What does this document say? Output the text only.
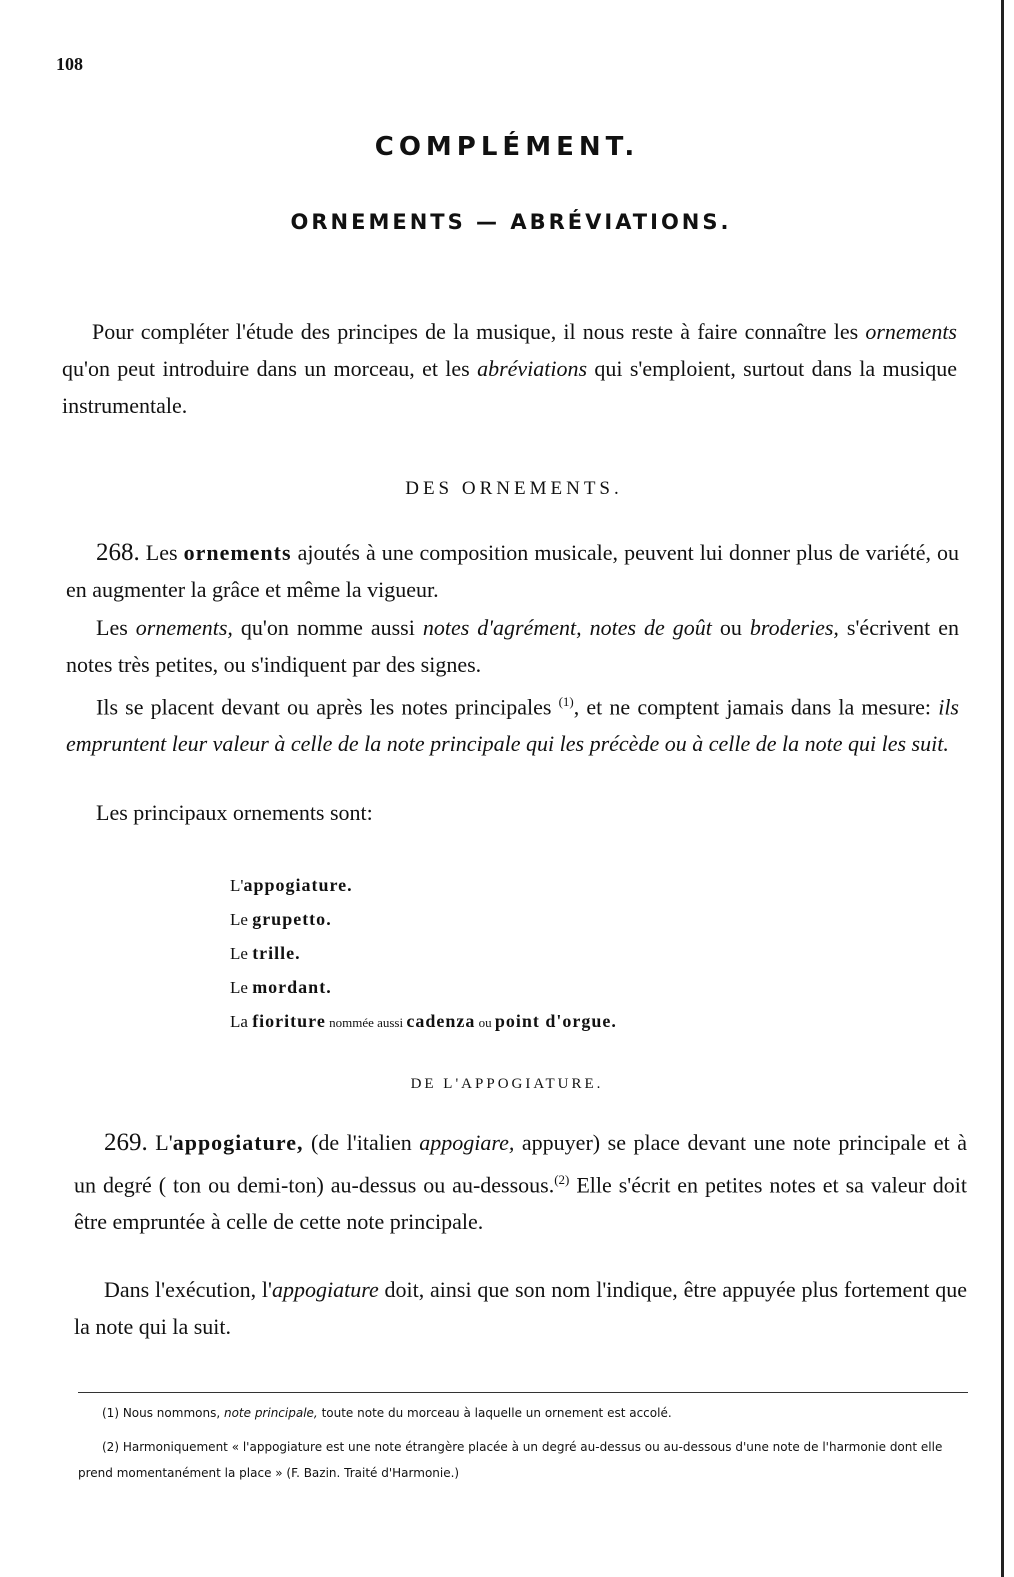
108
COMPLÉMENT.
ORNEMENTS — ABRÉVIATIONS.

Pour compléter l'étude des principes de la musique, il nous reste à faire connaître les ornements qu'on peut introduire dans un morceau, et les abréviations qui s'emploient, surtout dans la musique instrumentale.

DES ORNEMENTS.

268. Les ornements ajoutés à une composition musicale, peuvent lui donner plus de variété, ou en augmenter la grâce et même la vigueur.

Les ornements, qu'on nomme aussi notes d'agrément, notes de goût ou broderies, s'écrivent en notes très petites, ou s'indiquent par des signes.

Ils se placent devant ou après les notes principales $^{(1)}$, et ne comptent jamais dans la mesure: ils empruntent leur valeur à celle de la note principale qui les précède ou à celle de la note qui les suit.

Les principaux ornements sont:

L'appogiature.
Le grupetto.
Le trille.
Le mordant.
La fioriture nommée aussi cadenza ou point d'orgue.
DE L'APPOGIATURE.

269. L'appogiature, (de l'italien appogiare, appuyer) se place devant une note principale et à un degré ( ton ou demi-ton) au-dessus ou au-dessous.$^{(2)}$ Elle s'écrit en petites notes et sa valeur doit être empruntée à celle de cette note principale.

Dans l'exécution, l'appogiature doit, ainsi que son nom l'indique, être appuyée plus fortement que la note qui la suit.

(1) Nous nommons, note principale, toute note du morceau à laquelle un ornement est accolé.

(2) Harmoniquement « l'appogiature est une note étrangère placée à un degré au-dessus ou au-dessous d'une note de l'harmonie dont elle prend momentanément la place » (F. Bazin. Traité d'Harmonie.)
